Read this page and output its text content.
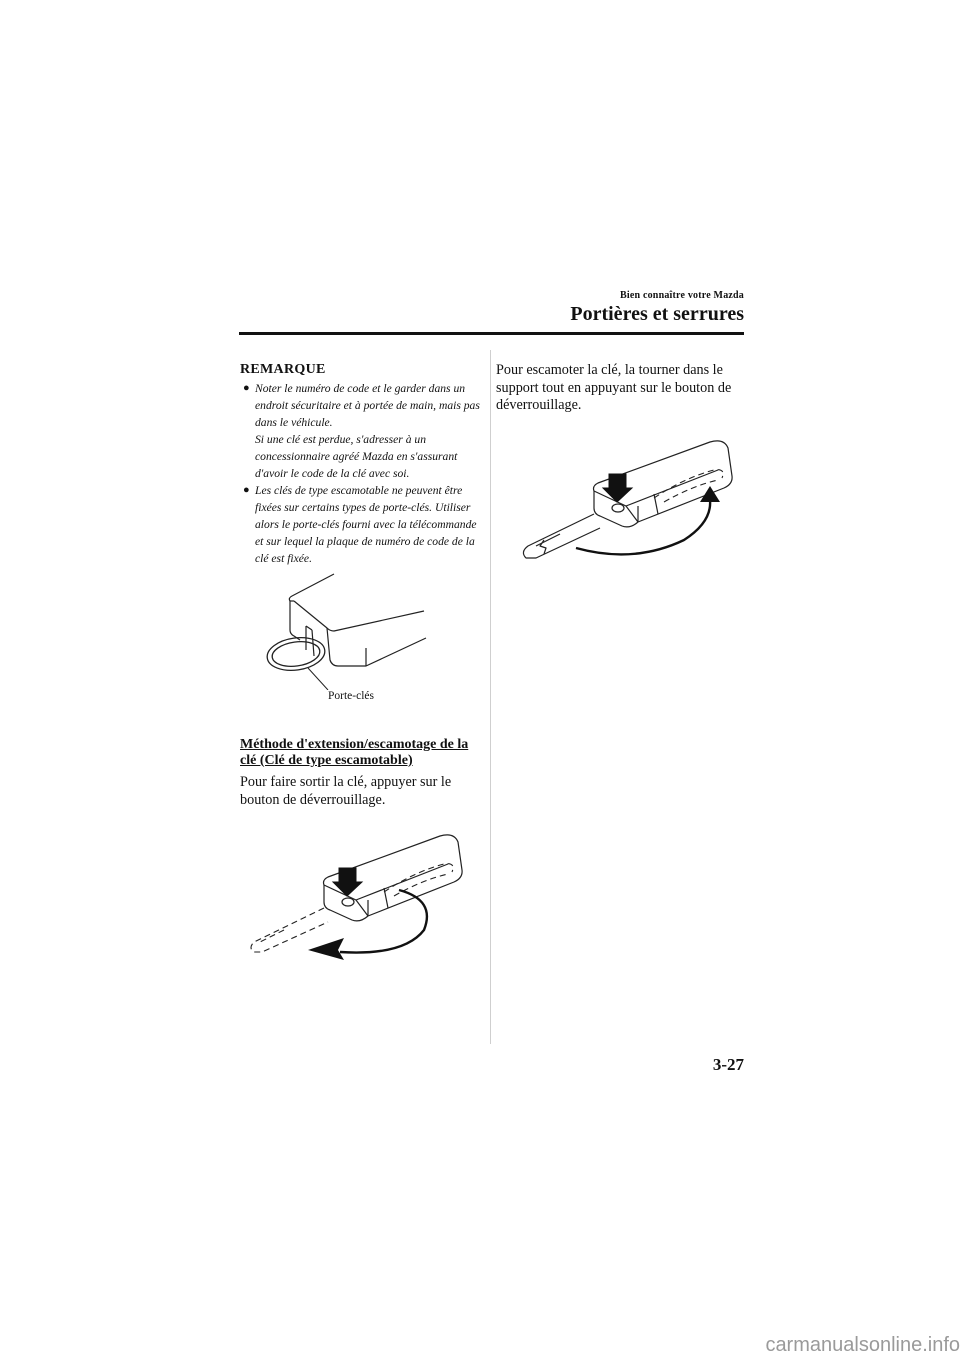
Bien connaître votre Mazda
Portières et serrures
REMARQUE
● Noter le numéro de code et le garder dans un endroit sécuritaire et à portée de main, mais pas dans le véhicule.
Si une clé est perdue, s'adresser à un concessionnaire agréé Mazda en s'assurant d'avoir le code de la clé avec soi.
● Les clés de type escamotable ne peuvent être fixées sur certains types de porte-clés. Utiliser alors le porte-clés fourni avec la télécommande et sur lequel la plaque de numéro de code de la clé est fixée.
Porte-clés
Méthode d'extension/escamotage de la clé (Clé de type escamotable)
Pour faire sortir la clé, appuyer sur le bouton de déverrouillage.
Pour escamoter la clé, la tourner dans le support tout en appuyant sur le bouton de déverrouillage.
3-27
carmanualsonline.info
